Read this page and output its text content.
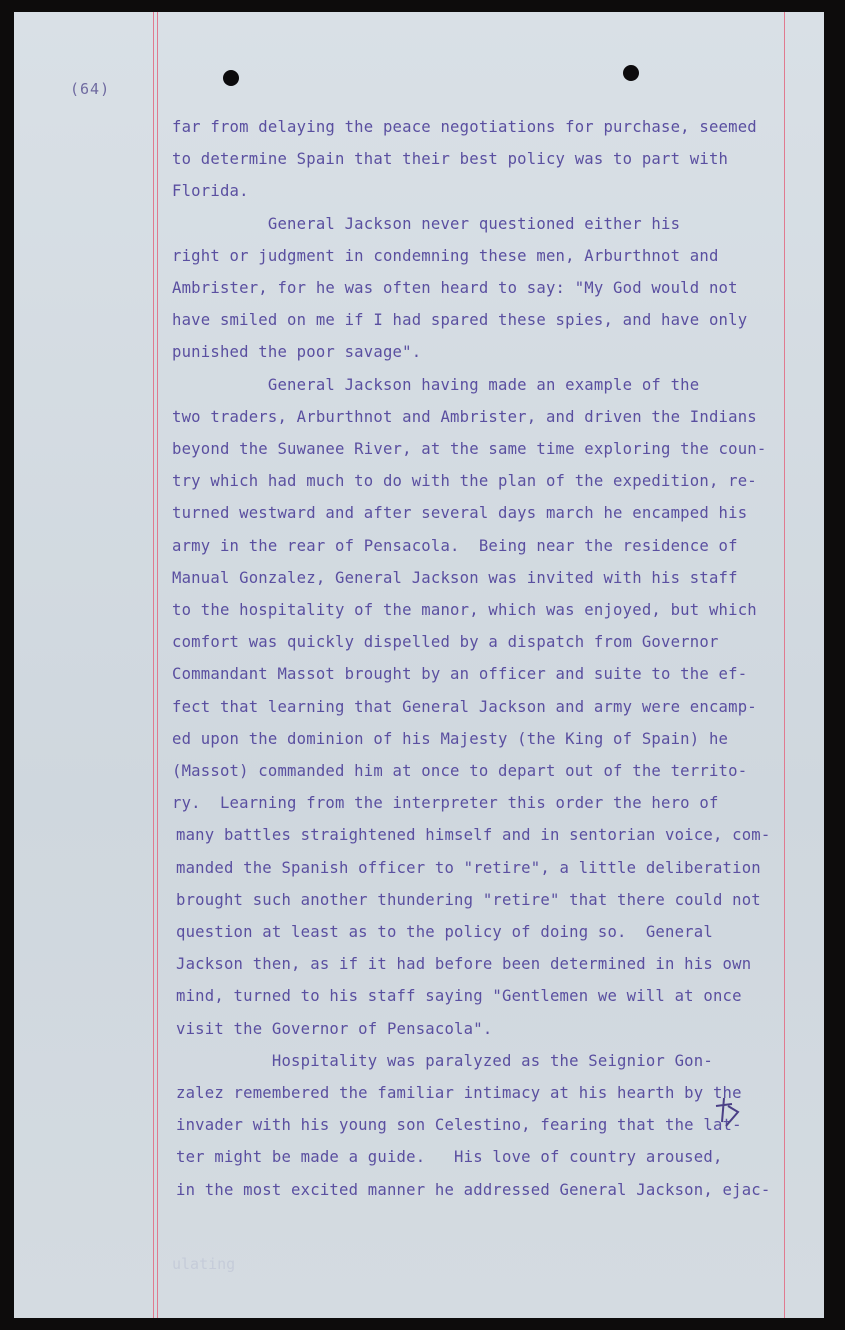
(64)
far from delaying the peace negotiations for purchase, seemed
to determine Spain that their best policy was to part with
Florida.
General Jackson never questioned either his
right or judgment in condemning these men, Arburthnot and
Ambrister, for he was often heard to say: "My God would not
have smiled on me if I had spared these spies, and have only
punished the poor savage".
General Jackson having made an example of the
two traders, Arburthnot and Ambrister, and driven the Indians
beyond the Suwanee River, at the same time exploring the coun-
try which had much to do with the plan of the expedition, re-
turned westward and after several days march he encamped his
army in the rear of Pensacola.  Being near the residence of
Manual Gonzalez, General Jackson was invited with his staff
to the hospitality of the manor, which was enjoyed, but which
comfort was quickly dispelled by a dispatch from Governor
Commandant Massot brought by an officer and suite to the ef-
fect that learning that General Jackson and army were encamp-
ed upon the dominion of his Majesty (the King of Spain) he
(Massot) commanded him at once to depart out of the territo-
ry.  Learning from the interpreter this order the hero of
many battles straightened himself and in sentorian voice, com-
manded the Spanish officer to "retire", a little deliberation
brought such another thundering "retire" that there could not
question at least as to the policy of doing so.  General
Jackson then, as if it had before been determined in his own
mind, turned to his staff saying "Gentlemen we will at once
visit the Governor of Pensacola".
Hospitality was paralyzed as the Seignior Gon-
zalez remembered the familiar intimacy at his hearth by the
invader with his young son Celestino, fearing that the lat-
ter might be made a guide.   His love of country aroused,
in the most excited manner he addressed General Jackson, ejac-
ulating
